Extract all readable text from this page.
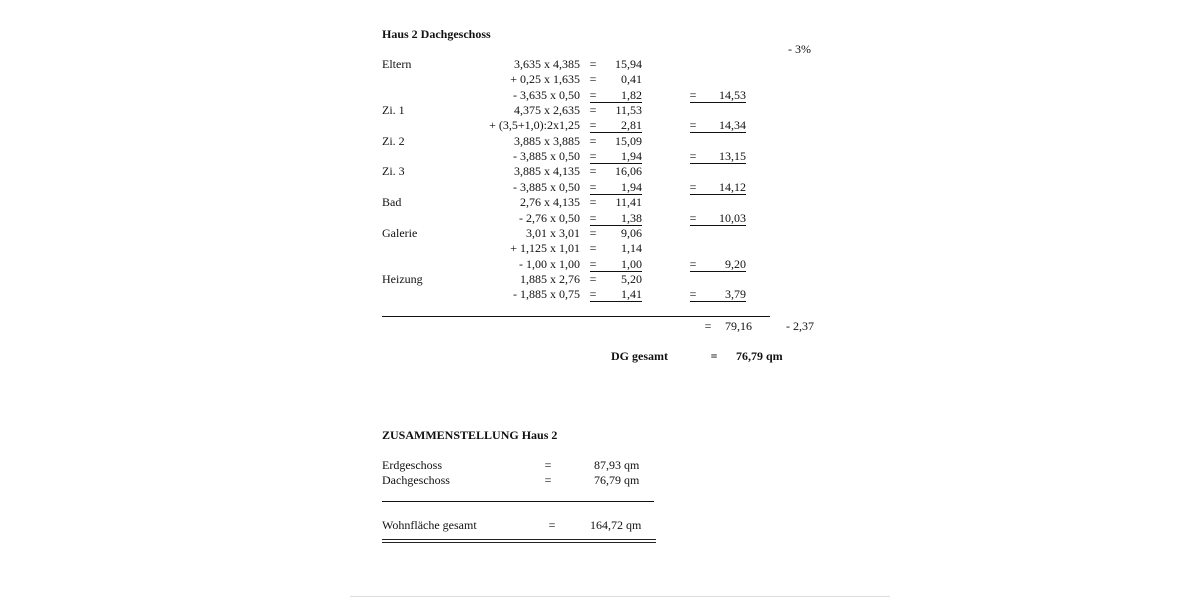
Haus 2 Dachgeschoss
- 3%
Eltern	3,635 x 4,385 =	15,94
+ 0,25 x 1,635 =	0,41
- 3,635 x 0,50 =	1,82	=	14,53
Zi. 1	4,375 x 2,635 =	11,53
+ (3,5+1,0):2x1,25 =	2,81	=	14,34
Zi. 2	3,885 x 3,885 =	15,09
- 3,885 x 0,50 =	1,94	=	13,15
Zi. 3	3,885 x 4,135 =	16,06
- 3,885 x 0,50 =	1,94	=	14,12
Bad	2,76 x 4,135 =	11,41
- 2,76 x 0,50 =	1,38	=	10,03
Galerie	3,01 x 3,01 =	9,06
+ 1,125 x 1,01 =	1,14
- 1,00 x 1,00 =	1,00	=	9,20
Heizung	1,885 x 2,76 =	5,20
- 1,885 x 0,75 =	1,41	=	3,79
=	79,16	- 2,37
DG gesamt	=	76,79 qm
ZUSAMMENSTELLUNG Haus 2
Erdgeschoss	=	87,93 qm
Dachgeschoss	=	76,79 qm
Wohnfläche gesamt	=	164,72 qm
